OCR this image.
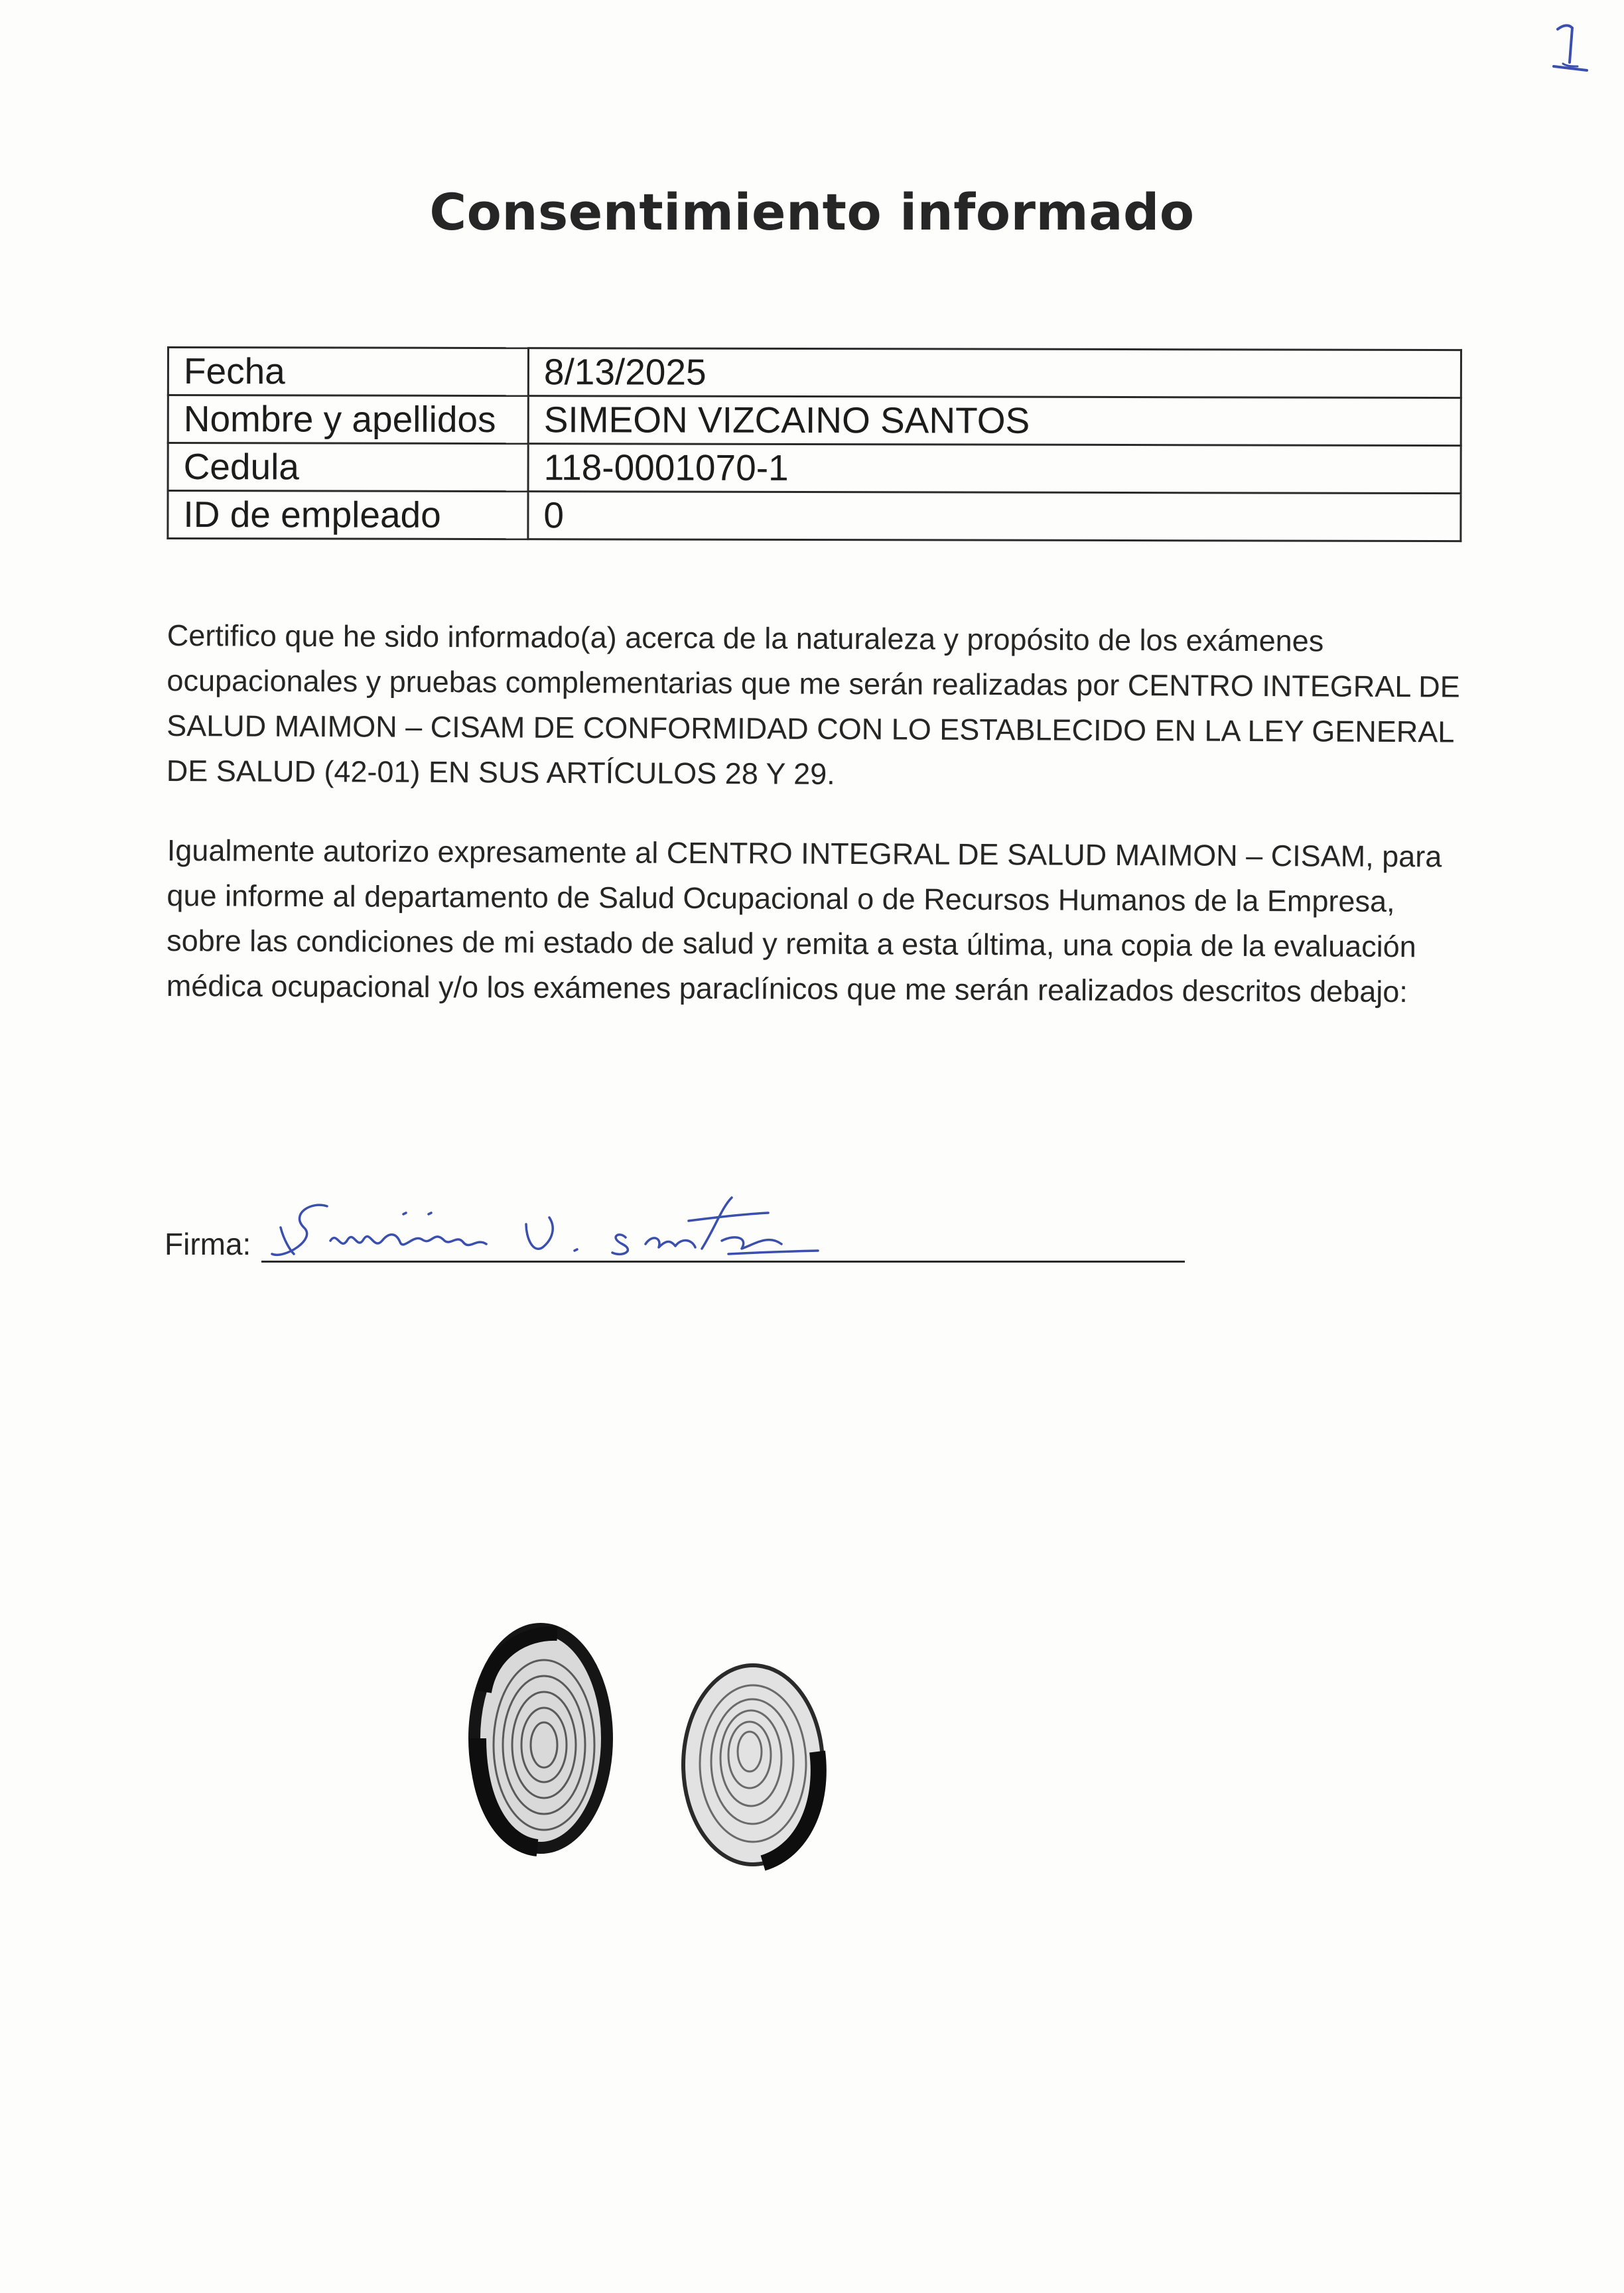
Consentimiento informado
Fecha	8/13/2025
Nombre y apellidos	SIMEON VIZCAINO SANTOS
Cedula	118-0001070-1
ID de empleado	0

Certifico que he sido informado(a) acerca de la naturaleza y propósito de los exámenes ocupacionales y pruebas complementarias que me serán realizadas por CENTRO INTEGRAL DE SALUD MAIMON – CISAM DE CONFORMIDAD CON LO ESTABLECIDO EN LA LEY GENERAL DE SALUD (42-01) EN SUS ARTÍCULOS 28 Y 29.

Igualmente autorizo expresamente al CENTRO INTEGRAL DE SALUD MAIMON – CISAM, para que informe al departamento de Salud Ocupacional o de Recursos Humanos de la Empresa, sobre las condiciones de mi estado de salud y remita a esta última, una copia de la evaluación médica ocupacional y/o los exámenes paraclínicos que me serán realizados descritos debajo:

Firma:
